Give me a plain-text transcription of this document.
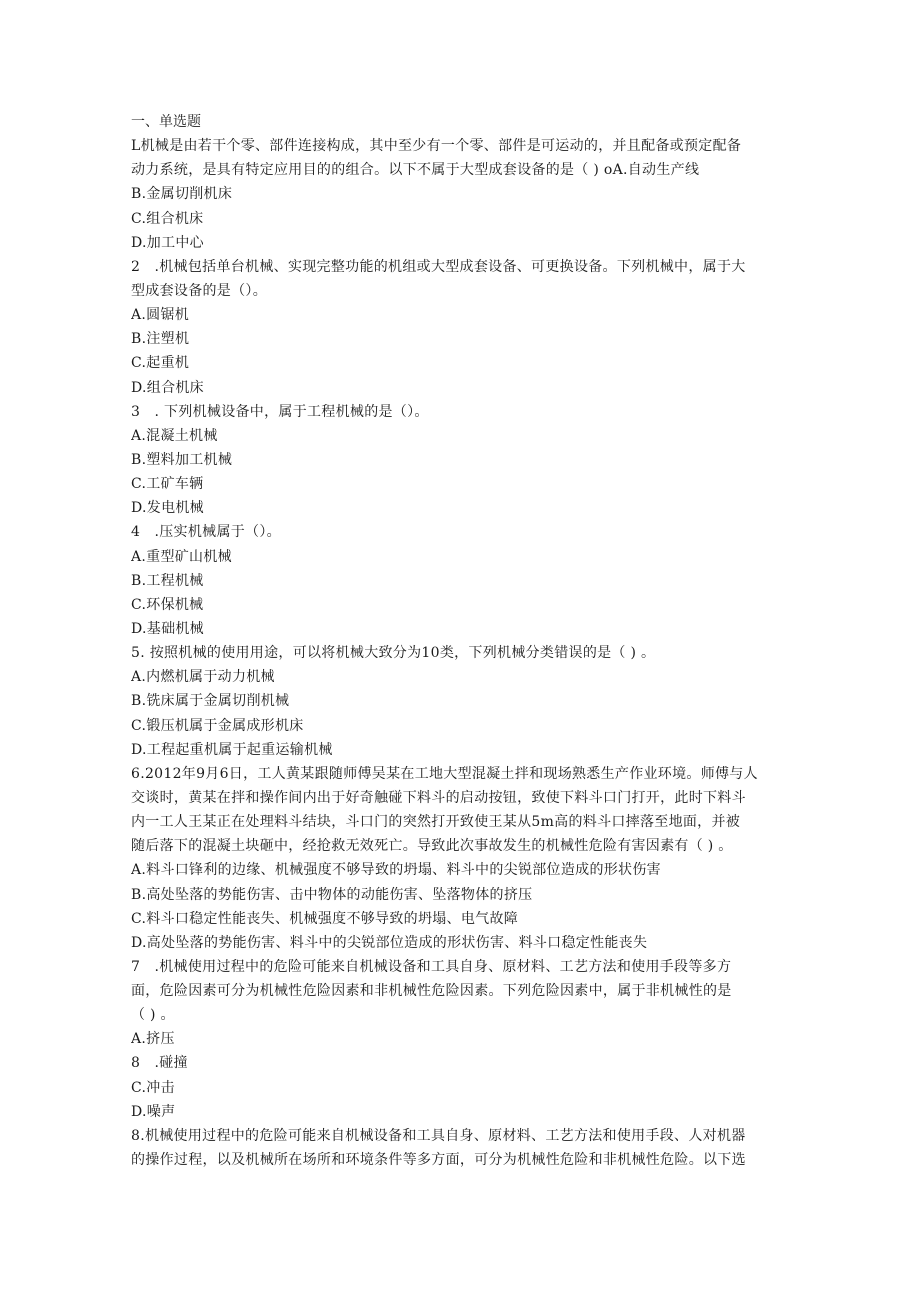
一、单选题
L机械是由若干个零、部件连接构成，其中至少有一个零、部件是可运动的，并且配备或预定配备
动力系统，是具有特定应用目的的组合。以下不属于大型成套设备的是（ ) oA.自动生产线
B.金属切削机床
C.组合机床
D.加工中心
2　.机械包括单台机械、实现完整功能的机组或大型成套设备、可更换设备。下列机械中，属于大
型成套设备的是（）。
A.圆锯机
B.注塑机
C.起重机
D.组合机床
3　. 下列机械设备中，属于工程机械的是（）。
A.混凝土机械
B.塑料加工机械
C.工矿车辆
D.发电机械
4　.压实机械属于（）。
A.重型矿山机械
B.工程机械
C.环保机械
D.基础机械
5. 按照机械的使用用途，可以将机械大致分为10类，下列机械分类错误的是（ ) 。
A.内燃机属于动力机械
B.铣床属于金属切削机械
C.锻压机属于金属成形机床
D.工程起重机属于起重运输机械
6.2012年9月6日，工人黄某跟随师傅吴某在工地大型混凝土拌和现场熟悉生产作业环境。师傅与人
交谈时，黄某在拌和操作间内出于好奇触碰下料斗的启动按钮，致使下料斗口门打开，此时下料斗
内一工人王某正在处理料斗结块，斗口门的突然打开致使王某从5m高的料斗口摔落至地面，并被
随后落下的混凝土块砸中，经抢救无效死亡。导致此次事故发生的机械性危险有害因素有（ ) 。
A.料斗口锋利的边缘、机械强度不够导致的坍塌、料斗中的尖锐部位造成的形状伤害
B.高处坠落的势能伤害、击中物体的动能伤害、坠落物体的挤压
C.料斗口稳定性能丧失、机械强度不够导致的坍塌、电气故障
D.高处坠落的势能伤害、料斗中的尖锐部位造成的形状伤害、料斗口稳定性能丧失
7　.机械使用过程中的危险可能来自机械设备和工具自身、原材料、工艺方法和使用手段等多方
面，危险因素可分为机械性危险因素和非机械性危险因素。下列危险因素中，属于非机械性的是
（ ) 。
A.挤压
8　.碰撞
C.冲击
D.噪声
8.机械使用过程中的危险可能来自机械设备和工具自身、原材料、工艺方法和使用手段、人对机器
的操作过程，以及机械所在场所和环境条件等多方面，可分为机械性危险和非机械性危险。以下选
